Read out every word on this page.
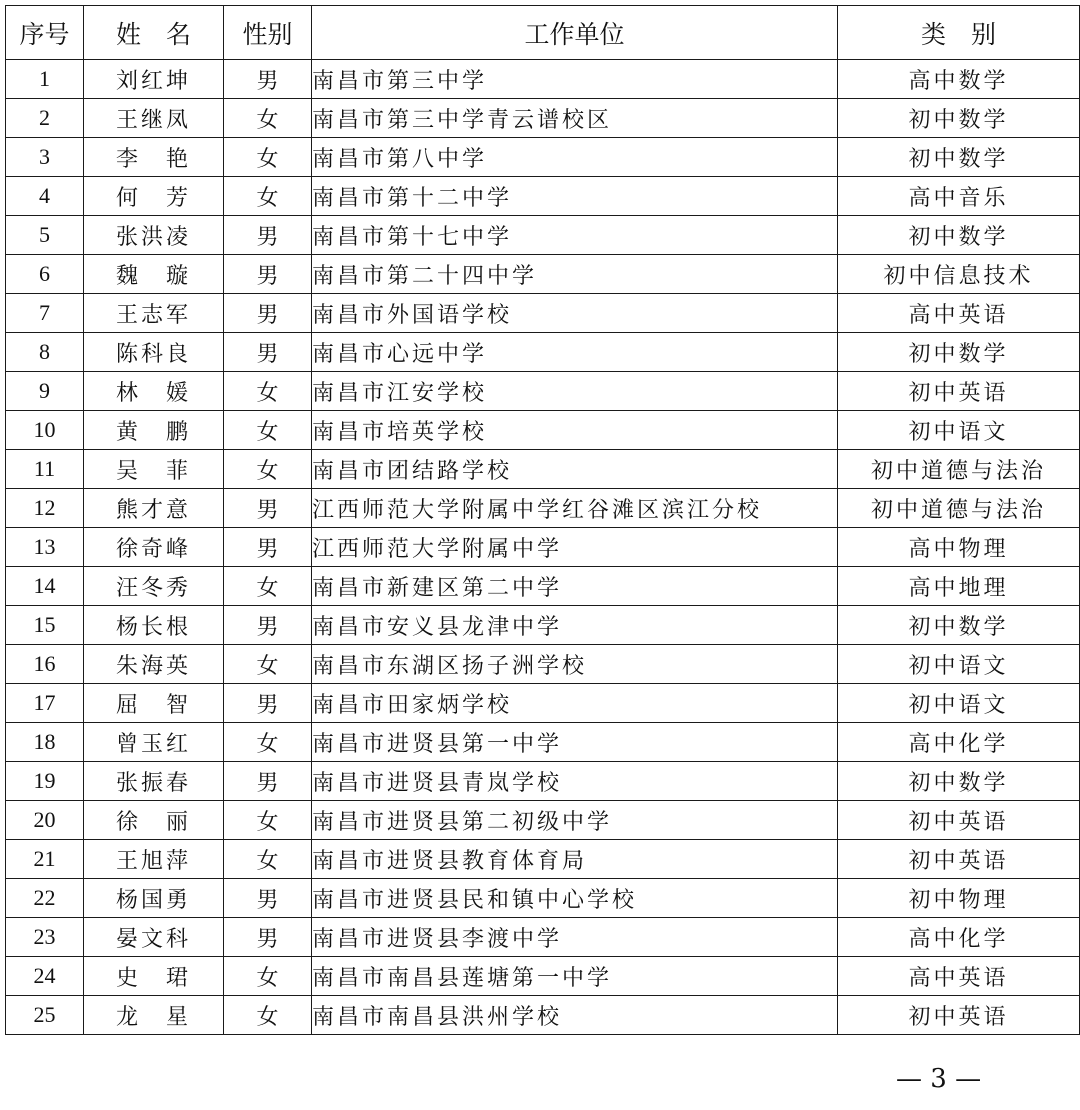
序号	姓　名	性别	工作单位	类　别
1	刘红坤	男	南昌市第三中学	高中数学
2	王继凤	女	南昌市第三中学青云谱校区	初中数学
3	李　艳	女	南昌市第八中学	初中数学
4	何　芳	女	南昌市第十二中学	高中音乐
5	张洪凌	男	南昌市第十七中学	初中数学
6	魏　璇	男	南昌市第二十四中学	初中信息技术
7	王志军	男	南昌市外国语学校	高中英语
8	陈科良	男	南昌市心远中学	初中数学
9	林　媛	女	南昌市江安学校	初中英语
10	黄　鹏	女	南昌市培英学校	初中语文
11	吴　菲	女	南昌市团结路学校	初中道德与法治
12	熊才意	男	江西师范大学附属中学红谷滩区滨江分校	初中道德与法治
13	徐奇峰	男	江西师范大学附属中学	高中物理
14	汪冬秀	女	南昌市新建区第二中学	高中地理
15	杨长根	男	南昌市安义县龙津中学	初中数学
16	朱海英	女	南昌市东湖区扬子洲学校	初中语文
17	屈　智	男	南昌市田家炳学校	初中语文
18	曾玉红	女	南昌市进贤县第一中学	高中化学
19	张振春	男	南昌市进贤县青岚学校	初中数学
20	徐　丽	女	南昌市进贤县第二初级中学	初中英语
21	王旭萍	女	南昌市进贤县教育体育局	初中英语
22	杨国勇	男	南昌市进贤县民和镇中心学校	初中物理
23	晏文科	男	南昌市进贤县李渡中学	高中化学
24	史　珺	女	南昌市南昌县莲塘第一中学	高中英语
25	龙　星	女	南昌市南昌县洪州学校	初中英语
— 3 —
